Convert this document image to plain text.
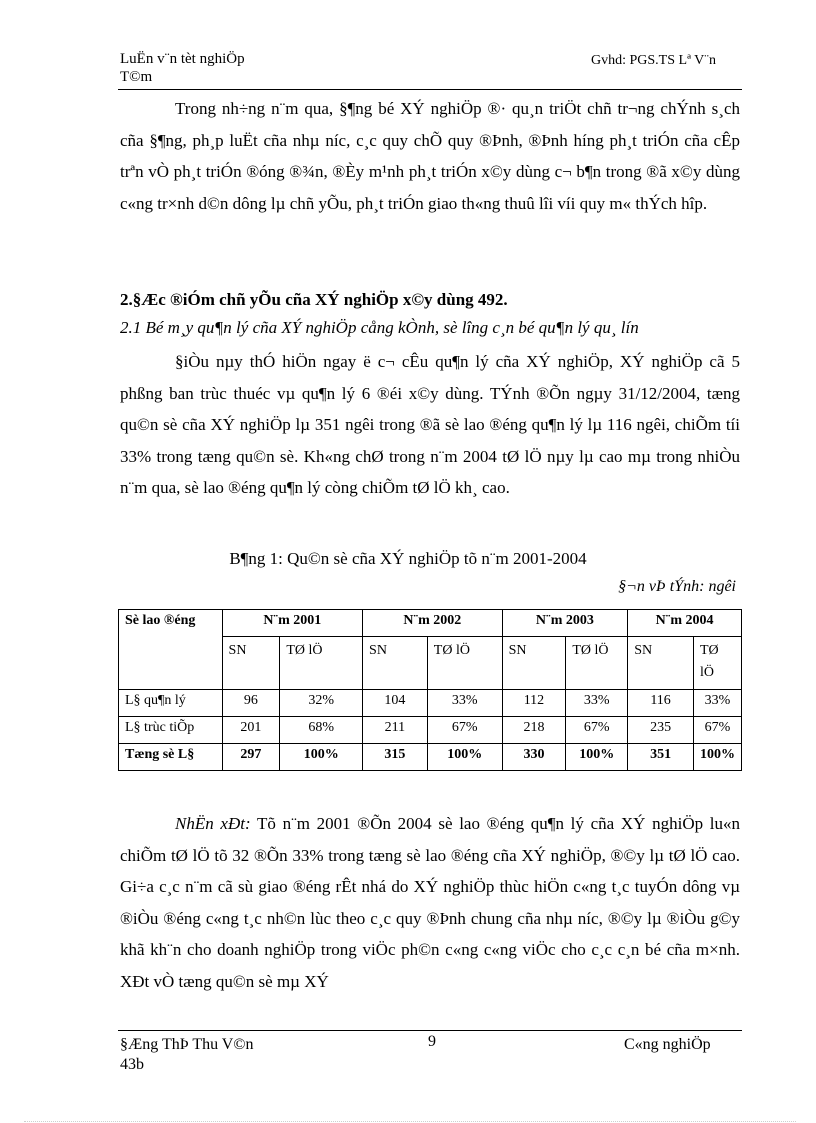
LuËn v¨n tèt nghiÖp
T©m
Gvhd: PGS.TS Lª V¨n

Trong nh÷ng n¨m qua, §¶ng bé XÝ nghiÖp ®· qu¸n triÖt chñ tr¬ng chÝnh s¸ch cña §¶ng, ph¸p luËt cña nhµ níc, c¸c quy chÕ quy ®Þnh, ®Þnh híng ph¸t triÓn cña cÊp trªn vÒ ph¸t triÓn ®óng ®¾n, ®Èy m¹nh ph¸t triÓn x©y dùng c¬ b¶n trong ®ã x©y dùng c«ng tr×nh d©n dông lµ chñ yÕu, ph¸t triÓn giao th«ng thuû lîi víi quy m« thÝch hîp.

2.§Æc ®iÓm chñ yÕu cña XÝ nghiÖp x©y dùng 492.

2.1 Bé m¸y qu¶n lý cña XÝ nghiÖp cång kÒnh, sè lîng c¸n bé qu¶n lý qu¸ lín

§iÒu nµy thÓ hiÖn ngay ë c¬ cÊu qu¶n lý cña XÝ nghiÖp, XÝ nghiÖp cã 5 phßng ban trùc thuéc vµ qu¶n lý 6 ®éi x©y dùng. TÝnh ®Õn ngµy 31/12/2004, tæng qu©n sè cña XÝ nghiÖp lµ 351 ngêi trong ®ã sè lao ®éng qu¶n lý lµ 116 ngêi, chiÕm tíi 33% trong tæng qu©n sè. Kh«ng chØ trong n¨m 2004 tØ lÖ nµy lµ cao mµ trong nhiÒu n¨m qua, sè lao ®éng qu¶n lý còng chiÕm tØ lÖ kh¸ cao.

B¶ng 1: Qu©n sè cña XÝ nghiÖp tõ n¨m 2001-2004

§¬n vÞ tÝnh: ngêi

Sè lao ®éng	N¨m 2001		N¨m 2002		N¨m 2003		N¨m 2004	
	SN	TØ lÖ	SN	TØ lÖ	SN	TØ lÖ	SN	TØ
lÖ
L§ qu¶n lý	96	32%	104	33%	112	33%	116	33%
L§ trùc tiÕp	201	68%	211	67%	218	67%	235	67%
Tæng sè L§	297	100%	315	100%	330	100%	351	100%

NhËn xÐt: Tõ n¨m 2001 ®Õn 2004 sè lao ®éng qu¶n lý cña XÝ nghiÖp lu«n chiÕm tØ lÖ tõ 32 ®Õn 33% trong tæng sè lao ®éng cña XÝ nghiÖp, ®©y lµ tØ lÖ cao. Gi÷a c¸c n¨m cã sù giao ®éng rÊt nhá do XÝ nghiÖp thùc hiÖn c«ng t¸c tuyÓn dông vµ ®iÒu ®éng c«ng t¸c nh©n lùc theo c¸c quy ®Þnh chung cña nhµ níc, ®©y lµ ®iÒu g©y khã kh¨n cho doanh nghiÖp trong viÖc ph©n c«ng c«ng viÖc cho c¸c c¸n bé cña m×nh. XÐt vÒ tæng qu©n sè mµ XÝ

§Æng ThÞ Thu V©n
43b
9	C«ng nghiÖp
